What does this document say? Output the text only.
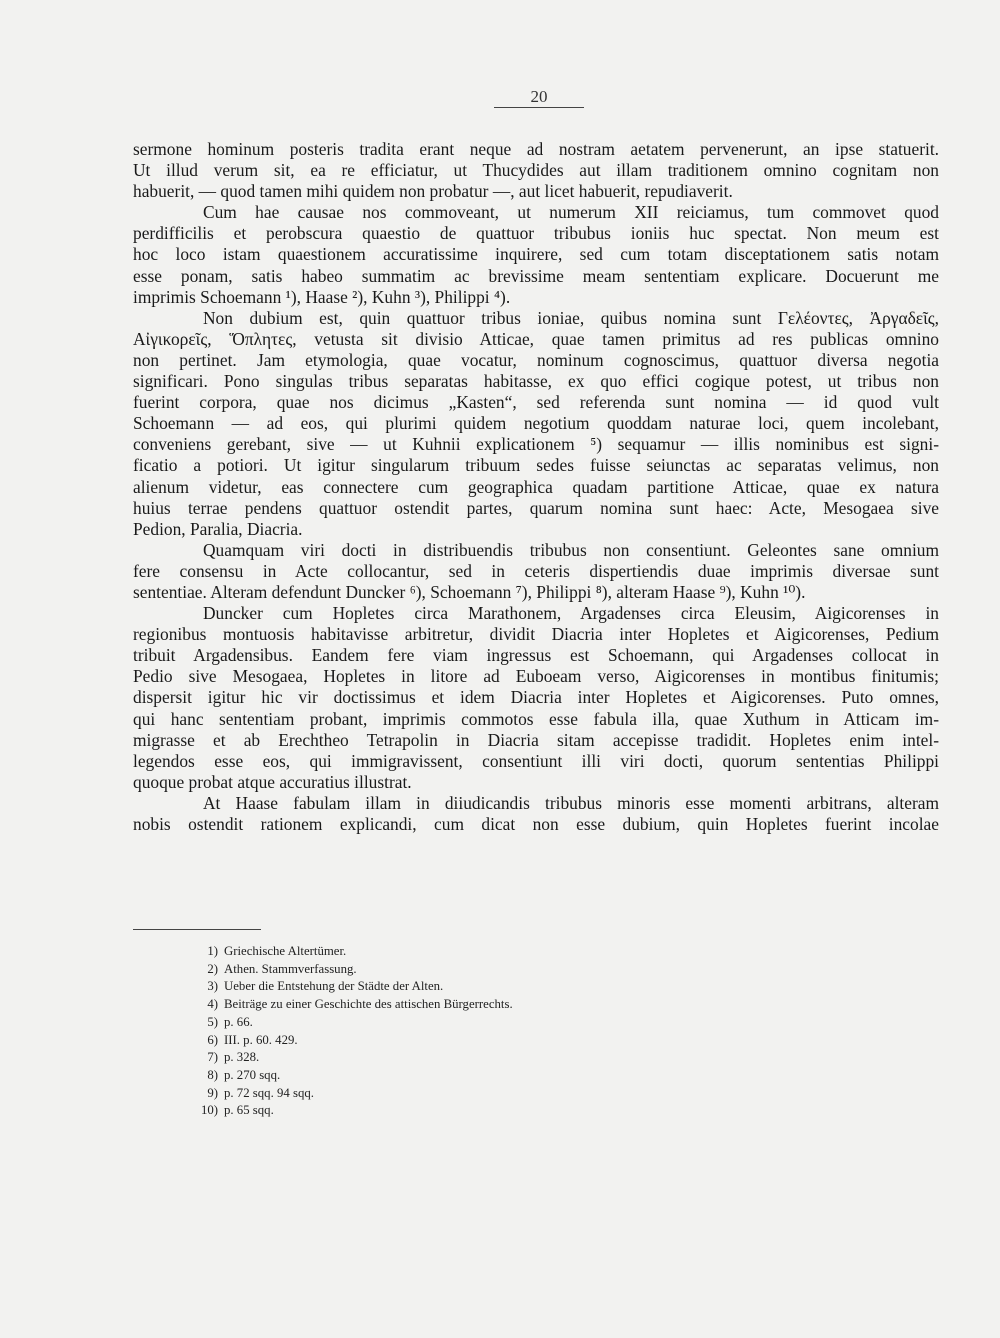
20
sermone hominum posteris tradita erant neque ad nostram aetatem pervenerunt, an ipse statuerit.
Ut illud verum sit, ea re efficiatur, ut Thucydides aut illam traditionem omnino cognitam non
habuerit, — quod tamen mihi quidem non probatur —, aut licet habuerit, repudiaverit.
Cum hae causae nos commoveant, ut numerum XII reiciamus, tum commovet quod
perdifficilis et perobscura quaestio de quattuor tribubus ioniis huc spectat. Non meum est
hoc loco istam quaestionem accuratissime inquirere, sed cum totam disceptationem satis notam
esse ponam, satis habeo summatim ac brevissime meam sententiam explicare. Docuerunt me
imprimis Schoemann ¹), Haase ²), Kuhn ³), Philippi ⁴).
Non dubium est, quin quattuor tribus ioniae, quibus nomina sunt Γελέοντες, Ἀργαδεῖς,
Αἰγικορεῖς, Ὅπλητες, vetusta sit divisio Atticae, quae tamen primitus ad res publicas omnino
non pertinet. Jam etymologia, quae vocatur, nominum cognoscimus, quattuor diversa negotia
significari. Pono singulas tribus separatas habitasse, ex quo effici cogique potest, ut tribus non
fuerint corpora, quae nos dicimus „Kasten“, sed referenda sunt nomina — id quod vult
Schoemann — ad eos, qui plurimi quidem negotium quoddam naturae loci, quem incolebant,
conveniens gerebant, sive — ut Kuhnii explicationem ⁵) sequamur — illis nominibus est signi-
ficatio a potiori. Ut igitur singularum tribuum sedes fuisse seiunctas ac separatas velimus, non
alienum videtur, eas connectere cum geographica quadam partitione Atticae, quae ex natura
huius terrae pendens quattuor ostendit partes, quarum nomina sunt haec: Acte, Mesogaea sive
Pedion, Paralia, Diacria.
Quamquam viri docti in distribuendis tribubus non consentiunt. Geleontes sane omnium
fere consensu in Acte collocantur, sed in ceteris dispertiendis duae imprimis diversae sunt
sententiae. Alteram defendunt Duncker ⁶), Schoemann ⁷), Philippi ⁸), alteram Haase ⁹), Kuhn ¹⁰).
Duncker cum Hopletes circa Marathonem, Argadenses circa Eleusim, Aigicorenses in
regionibus montuosis habitavisse arbitretur, dividit Diacria inter Hopletes et Aigicorenses, Pedium
tribuit Argadensibus. Eandem fere viam ingressus est Schoemann, qui Argadenses collocat in
Pedio sive Mesogaea, Hopletes in litore ad Euboeam verso, Aigicorenses in montibus finitumis;
dispersit igitur hic vir doctissimus et idem Diacria inter Hopletes et Aigicorenses. Puto omnes,
qui hanc sententiam probant, imprimis commotos esse fabula illa, quae Xuthum in Atticam im-
migrasse et ab Erechtheo Tetrapolin in Diacria sitam accepisse tradidit. Hopletes enim intel-
legendos esse eos, qui immigravissent, consentiunt illi viri docti, quorum sententias Philippi
quoque probat atque accuratius illustrat.
At Haase fabulam illam in diiudicandis tribubus minoris esse momenti arbitrans, alteram
nobis ostendit rationem explicandi, cum dicat non esse dubium, quin Hopletes fuerint incolae
1) Griechische Altertümer.
2) Athen. Stammverfassung.
3) Ueber die Entstehung der Städte der Alten.
4) Beiträge zu einer Geschichte des attischen Bürgerrechts.
5) p. 66.
6) III. p. 60. 429.
7) p. 328.
8) p. 270 sqq.
9) p. 72 sqq. 94 sqq.
10) p. 65 sqq.
